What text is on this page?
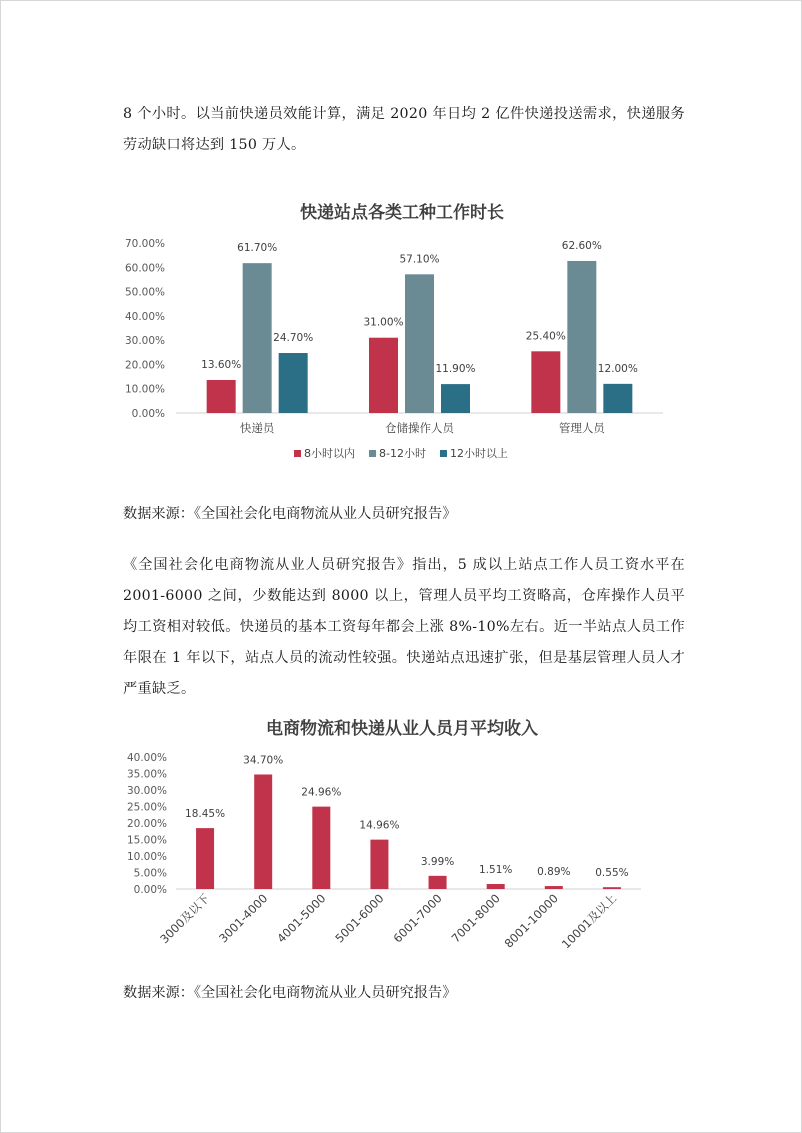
8 个小时。以当前快递员效能计算，满足 2020 年日均 2 亿件快递投送需求，快递服务劳动缺口将达到 150 万人。

快递站点各类工种工作时长
0.00%
10.00%
20.00%
30.00%
40.00%
50.00%
60.00%
70.00%
13.60%
61.70%
24.70%
31.00%
57.10%
11.90%
25.40%
62.60%
12.00%
快递员	仓储操作人员	管理人员
8小时以内 8-12小时 12小时以上

数据来源：《全国社会化电商物流从业人员研究报告》

《全国社会化电商物流从业人员研究报告》指出，5 成以上站点工作人员工资水平在 2001-6000 之间，少数能达到 8000 以上，管理人员平均工资略高，仓库操作人员平均工资相对较低。快递员的基本工资每年都会上涨 8%-10%左右。近一半站点人员工作年限在 1 年以下，站点人员的流动性较强。快递站点迅速扩张，但是基层管理人员人才严重缺乏。

电商物流和快递从业人员月平均收入
0.00%
5.00%
10.00%
15.00%
20.00%
25.00%
30.00%
35.00%
40.00%
18.45%
34.70%
24.96%
14.96%
3.99%
1.51% 0.89% 0.55%
3000及以下 3001-4000 4001-5000 5001-6000 6001-7000 7001-8000
8001-10000
10001及以上

数据来源：《全国社会化电商物流从业人员研究报告》
